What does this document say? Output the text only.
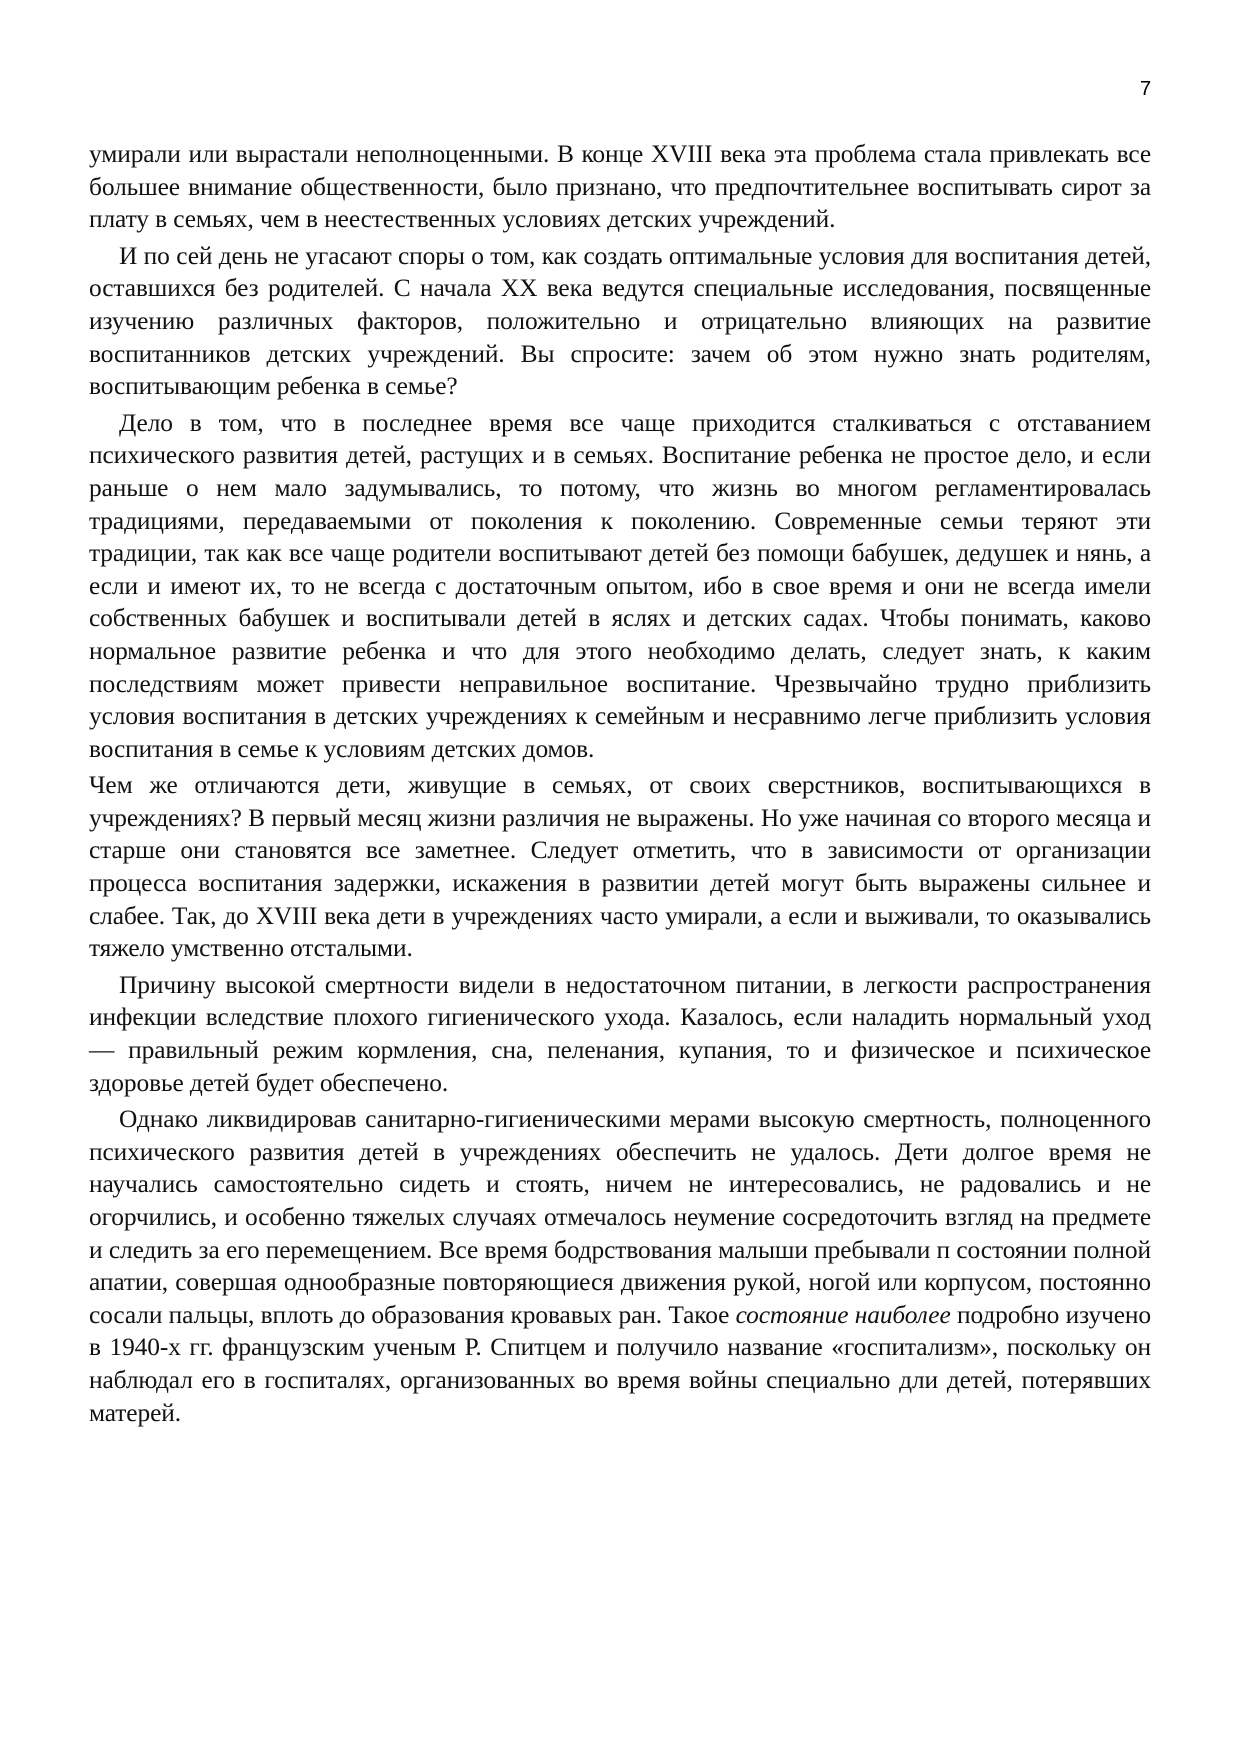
7

умирали или вырастали неполноценными. В конце XVIII века эта проблема стала привлекать все большее внимание общественности, было признано, что предпочтительнее воспитывать сирот за плату в семьях, чем в неестественных условиях детских учреждений.

И по сей день не угасают споры о том, как создать оптимальные условия для воспитания детей, оставшихся без родителей. С начала XX века ведутся специальные исследования, посвященные изучению различных факторов, положительно и отрицательно влияющих на развитие воспитанников детских учреждений. Вы спросите: зачем об этом нужно знать родителям, воспитывающим ребенка в семье?

Дело в том, что в последнее время все чаще приходится сталкиваться с отставанием психического развития детей, растущих и в семьях. Воспитание ребенка не простое дело, и если раньше о нем мало задумывались, то потому, что жизнь во многом регламентировалась традициями, передаваемыми от поколения к поколению. Современные семьи теряют эти традиции, так как все чаще родители воспитывают детей без помощи бабушек, дедушек и нянь, а если и имеют их, то не всегда с достаточным опытом, ибо в свое время и они не всегда имели собственных бабушек и воспитывали детей в яслях и детских садах. Чтобы понимать, каково нормальное развитие ребенка и что для этого необходимо делать, следует знать, к каким последствиям может привести неправильное воспитание. Чрезвычайно трудно приблизить условия воспитания в детских учреждениях к семейным и несравнимо легче приблизить условия воспитания в семье к условиям детских домов.

Чем же отличаются дети, живущие в семьях, от своих сверстников, воспитывающихся в учреждениях? В первый месяц жизни различия не выражены. Но уже начиная со второго месяца и старше они становятся все заметнее. Следует отметить, что в зависимости от организации процесса воспитания задержки, искажения в развитии детей могут быть выражены сильнее и слабее. Так, до XVIII века дети в учреждениях часто умирали, а если и выживали, то оказывались тяжело умственно отсталыми.

Причину высокой смертности видели в недостаточном питании, в легкости распространения инфекции вследствие плохого гигиенического ухода. Казалось, если наладить нормальный уход — правильный режим кормления, сна, пеленания, купания, то и физическое и психическое здоровье детей будет обеспечено.

Однако ликвидировав санитарно-гигиеническими мерами высокую смертность, полноценного психического развития детей в учреждениях обеспечить не удалось. Дети долгое время не научались самостоятельно сидеть и стоять, ничем не интересовались, не радовались и не огорчились, и особенно тяжелых случаях отмечалось неумение сосредоточить взгляд на предмете и следить за его перемещением. Все время бодрствования малыши пребывали п состоянии полной апатии, совершая однообразные повторяющиеся движения рукой, ногой или корпусом, постоянно сосали пальцы, вплоть до образования кровавых ран. Такое состояние наиболее подробно изучено в 1940-х гг. французским ученым Р. Спитцем и получило название «госпитализм», поскольку он наблюдал его в госпиталях, организованных во время войны специально дли детей, потерявших матерей.
